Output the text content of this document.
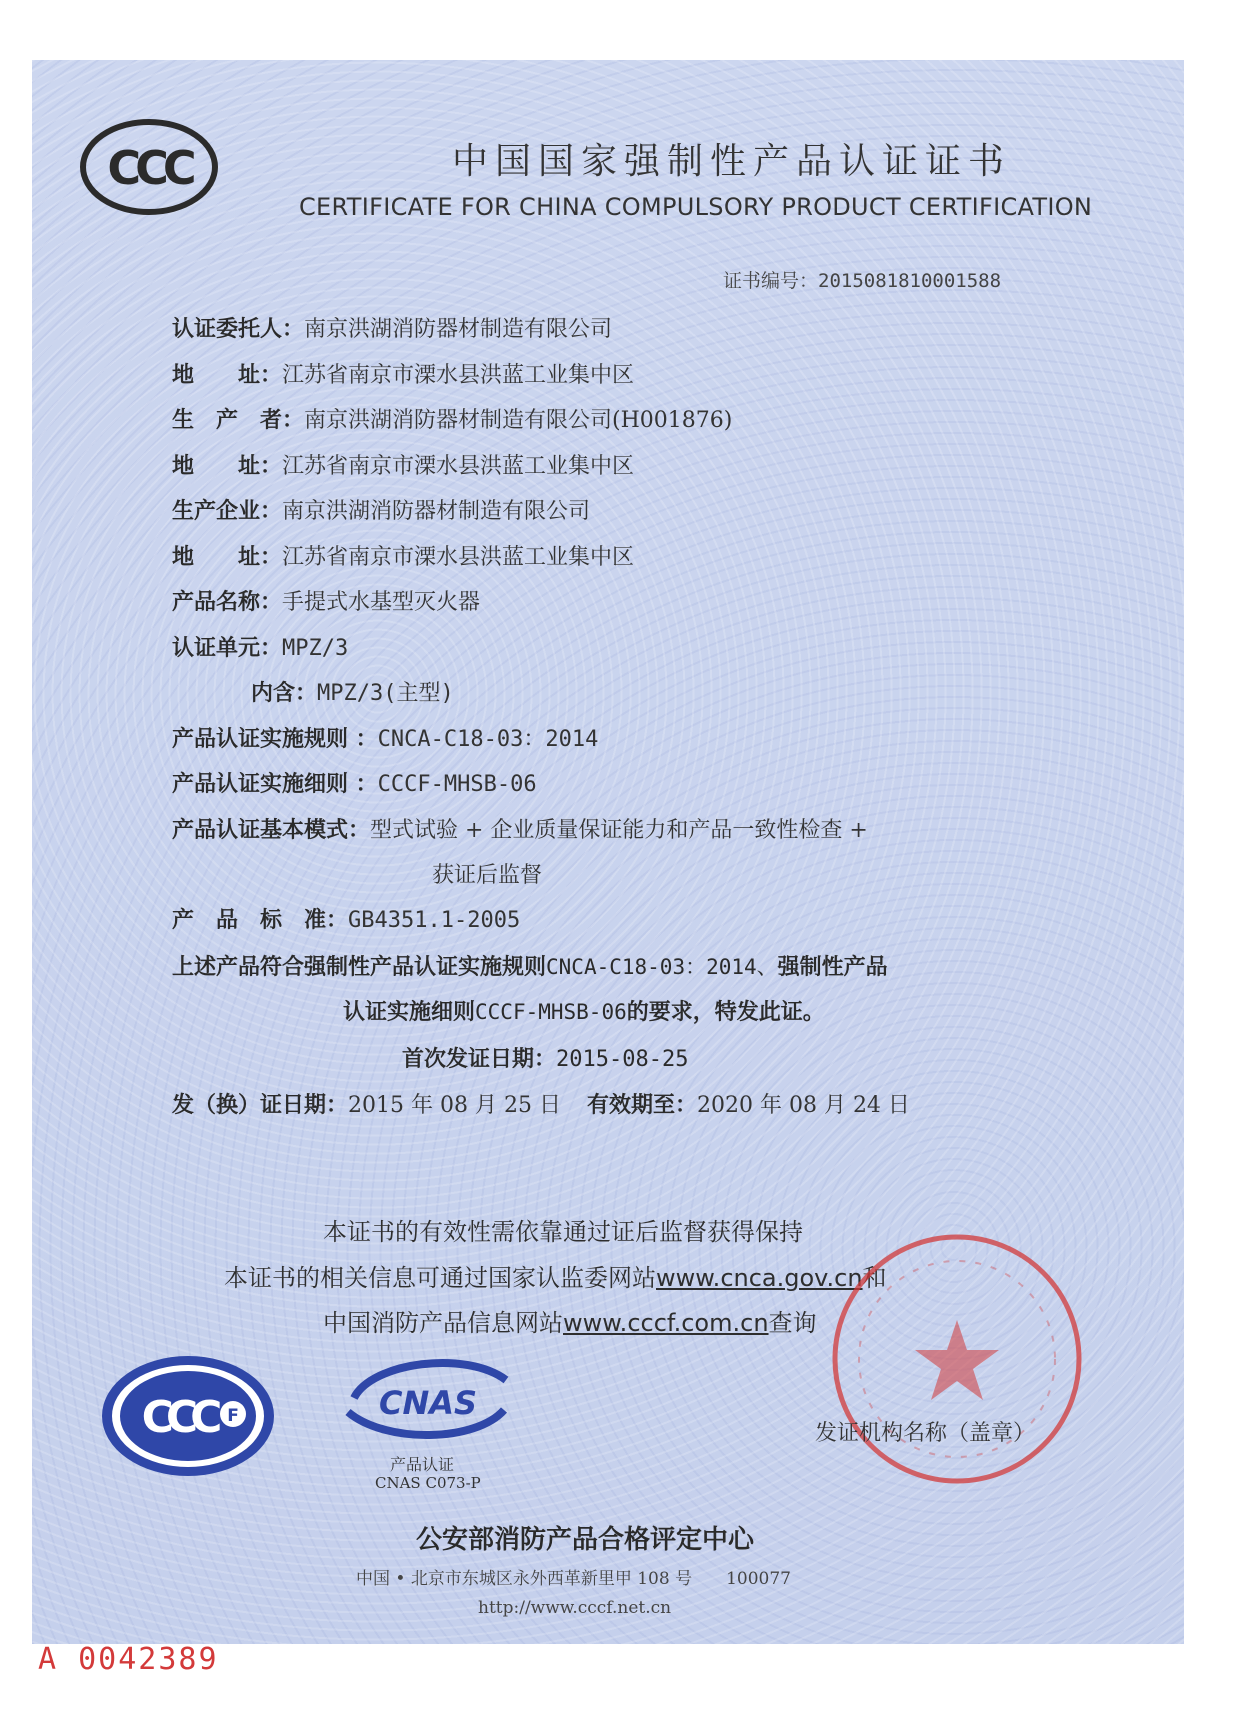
CCC	中国国家强制性产品认证证书
CERTIFICATE FOR CHINA COMPULSORY PRODUCT CERTIFICATION
证书编号：2015081810001588
认证委托人：南京洪湖消防器材制造有限公司
地　　址：江苏省南京市溧水县洪蓝工业集中区
生　产　者：南京洪湖消防器材制造有限公司(H001876)
地　　址：江苏省南京市溧水县洪蓝工业集中区
生产企业：南京洪湖消防器材制造有限公司
地　　址：江苏省南京市溧水县洪蓝工业集中区
产品名称：手提式水基型灭火器
认证单元：MPZ/3
内含：MPZ/3(主型)
产品认证实施规则 ：CNCA-C18-03：2014
产品认证实施细则 ：CCCF-MHSB-06
产品认证基本模式：型式试验 + 企业质量保证能力和产品一致性检查 +
获证后监督
产　品　标　准：GB4351.1-2005
上述产品符合强制性产品认证实施规则CNCA-C18-03：2014、强制性产品
认证实施细则CCCF-MHSB-06的要求，特发此证。
首次发证日期：2015-08-25
发（换）证日期：2015 年 08 月 25 日 有效期至：2020 年 08 月 24 日
本证书的有效性需依靠通过证后监督获得保持
本证书的相关信息可通过国家认监委网站www.cnca.gov.cn和
中国消防产品信息网站www.cccf.com.cn查询
CCC F	CNAS
产品认证
CNAS C073-P
发证机构名称（盖章）
公安部消防产品合格评定中心
中国 • 北京市东城区永外西革新里甲 108 号　　100077
http://www.cccf.net.cn
A 0042389
